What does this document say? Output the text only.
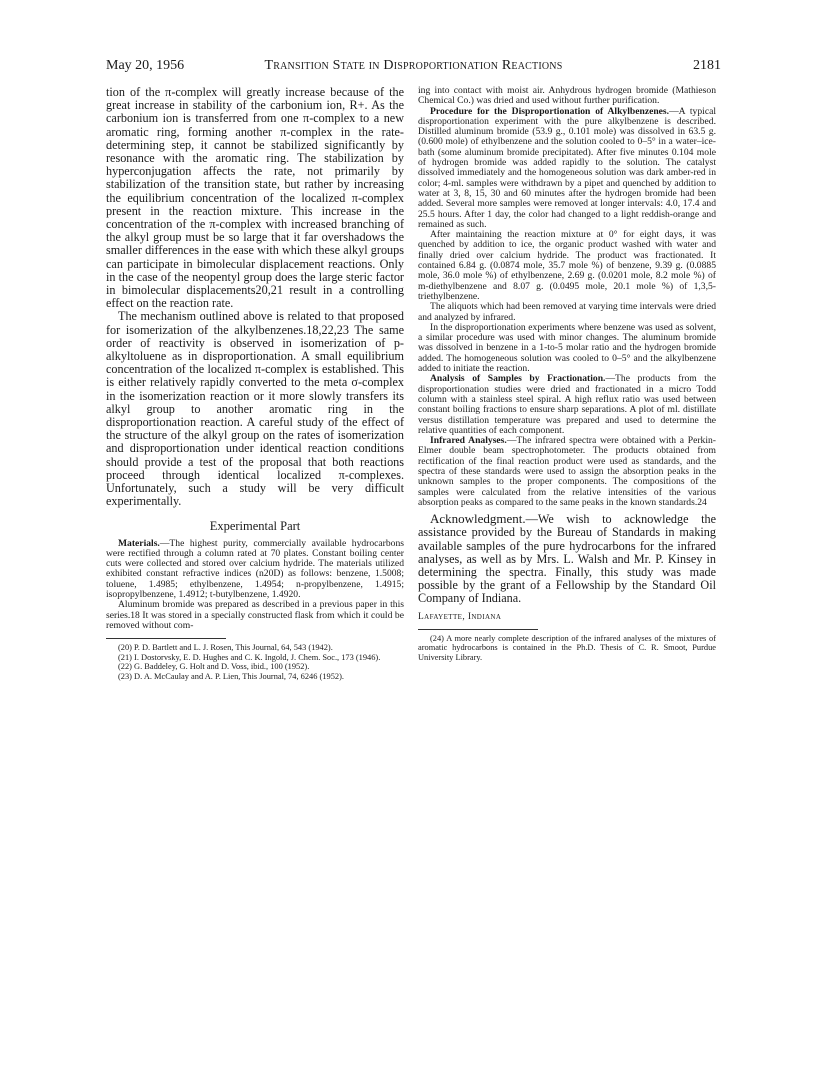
May 20, 1956	Transition State in Disproportionation Reactions	2181

tion of the π-complex will greatly increase because of the great increase in stability of the carbonium ion, R+. As the carbonium ion is transferred from one π-complex to a new aromatic ring, forming another π-complex in the rate-determining step, it cannot be stabilized significantly by resonance with the aromatic ring. The stabilization by hyperconjugation affects the rate, not primarily by stabilization of the transition state, but rather by increasing the equilibrium concentration of the localized π-complex present in the reaction mixture. This increase in the concentration of the π-complex with increased branching of the alkyl group must be so large that it far overshadows the smaller differences in the ease with which these alkyl groups can participate in bimolecular displacement reactions. Only in the case of the neopentyl group does the large steric factor in bimolecular displacements20,21 result in a controlling effect on the reaction rate.

The mechanism outlined above is related to that proposed for isomerization of the alkylbenzenes.18,22,23 The same order of reactivity is observed in isomerization of p-alkyltoluene as in disproportionation. A small equilibrium concentration of the localized π-complex is established. This is either relatively rapidly converted to the meta σ-complex in the isomerization reaction or it more slowly transfers its alkyl group to another aromatic ring in the disproportionation reaction. A careful study of the effect of the structure of the alkyl group on the rates of isomerization and disproportionation under identical reaction conditions should provide a test of the proposal that both reactions proceed through identical localized π-complexes. Unfortunately, such a study will be very difficult experimentally.

Experimental Part

Materials.—The highest purity, commercially available hydrocarbons were rectified through a column rated at 70 plates. Constant boiling center cuts were collected and stored over calcium hydride. The materials utilized exhibited constant refractive indices (n20D) as follows: benzene, 1.5008; toluene, 1.4985; ethylbenzene, 1.4954; n-propylbenzene, 1.4915; isopropylbenzene, 1.4912; t-butylbenzene, 1.4920.

Aluminum bromide was prepared as described in a previous paper in this series.18 It was stored in a specially constructed flask from which it could be removed without com-

(20) P. D. Bartlett and L. J. Rosen, This Journal, 64, 543 (1942).

(21) I. Dostorvsky, E. D. Hughes and C. K. Ingold, J. Chem. Soc., 173 (1946).

(22) G. Baddeley, G. Holt and D. Voss, ibid., 100 (1952).

(23) D. A. McCaulay and A. P. Lien, This Journal, 74, 6246 (1952).

ing into contact with moist air. Anhydrous hydrogen bromide (Mathieson Chemical Co.) was dried and used without further purification.

Procedure for the Disproportionation of Alkylbenzenes.—A typical disproportionation experiment with the pure alkylbenzene is described. Distilled aluminum bromide (53.9 g., 0.101 mole) was dissolved in 63.5 g. (0.600 mole) of ethylbenzene and the solution cooled to 0–5° in a water–ice-bath (some aluminum bromide precipitated). After five minutes 0.104 mole of hydrogen bromide was added rapidly to the solution. The catalyst dissolved immediately and the homogeneous solution was dark amber-red in color; 4-ml. samples were withdrawn by a pipet and quenched by addition to water at 3, 8, 15, 30 and 60 minutes after the hydrogen bromide had been added. Several more samples were removed at longer intervals: 4.0, 17.4 and 25.5 hours. After 1 day, the color had changed to a light reddish-orange and remained as such.

After maintaining the reaction mixture at 0° for eight days, it was quenched by addition to ice, the organic product washed with water and finally dried over calcium hydride. The product was fractionated. It contained 6.84 g. (0.0874 mole, 35.7 mole %) of benzene, 9.39 g. (0.0885 mole, 36.0 mole %) of ethylbenzene, 2.69 g. (0.0201 mole, 8.2 mole %) of m-diethylbenzene and 8.07 g. (0.0495 mole, 20.1 mole %) of 1,3,5-triethylbenzene.

The aliquots which had been removed at varying time intervals were dried and analyzed by infrared.

In the disproportionation experiments where benzene was used as solvent, a similar procedure was used with minor changes. The aluminum bromide was dissolved in benzene in a 1-to-5 molar ratio and the hydrogen bromide added. The homogeneous solution was cooled to 0–5° and the alkylbenzene added to initiate the reaction.

Analysis of Samples by Fractionation.—The products from the disproportionation studies were dried and fractionated in a micro Todd column with a stainless steel spiral. A high reflux ratio was used between constant boiling fractions to ensure sharp separations. A plot of ml. distillate versus distillation temperature was prepared and used to determine the relative quantities of each component.

Infrared Analyses.—The infrared spectra were obtained with a Perkin-Elmer double beam spectrophotometer. The products obtained from rectification of the final reaction product were used as standards, and the spectra of these standards were used to assign the absorption peaks in the unknown samples to the proper components. The compositions of the samples were calculated from the relative intensities of the various absorption peaks as compared to the same peaks in the known standards.24

Acknowledgment.—We wish to acknowledge the assistance provided by the Bureau of Standards in making available samples of the pure hydrocarbons for the infrared analyses, as well as by Mrs. L. Walsh and Mr. P. Kinsey in determining the spectra. Finally, this study was made possible by the grant of a Fellowship by the Standard Oil Company of Indiana.

Lafayette, Indiana

(24) A more nearly complete description of the infrared analyses of the mixtures of aromatic hydrocarbons is contained in the Ph.D. Thesis of C. R. Smoot, Purdue University Library.
